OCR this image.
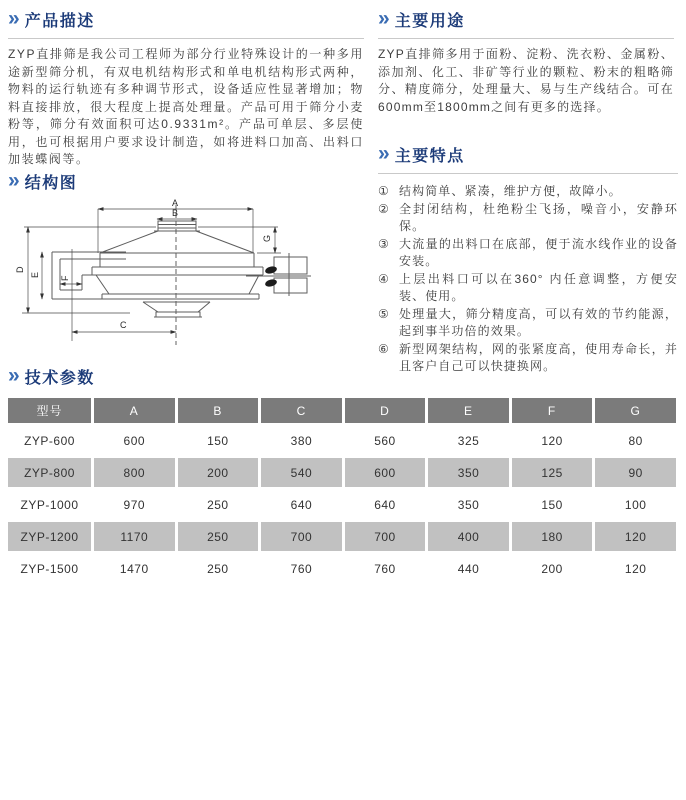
» 产品描述

ZYP直排筛是我公司工程师为部分行业特殊设计的一种多用途新型筛分机，有双电机结构形式和单电机结构形式两种，物料的运行轨迹有多种调节形式，设备适应性显著增加；物料直接排放，很大程度上提高处理量。产品可用于筛分小麦粉等，筛分有效面积可达0.9331m²。产品可单层、多层使用，也可根据用户要求设计制造，如将进料口加高、出料口加装蝶阀等。

» 主要用途

ZYP直排筛多用于面粉、淀粉、洗衣粉、金属粉、添加剂、化工、非矿等行业的颗粒、粉末的粗略筛分、精度筛分，处理量大、易与生产线结合。可在600mm至1800mm之间有更多的选择。

» 主要特点
① 结构简单、紧凑，维护方便，故障小。
② 全封闭结构，杜绝粉尘飞扬，噪音小，安静环保。
③ 大流量的出料口在底部，便于流水线作业的设备安装。
④ 上层出料口可以在360° 内任意调整，方便安装、使用。
⑤ 处理量大，筛分精度高，可以有效的节约能源，起到事半功倍的效果。
⑥ 新型网架结构，网的张紧度高，使用寿命长，并且客户自己可以快捷换网。
» 结构图
A
B
D
E
F
G
C
» 技术参数
型号	A	B	C	D	E	F	G
ZYP-600	600	150	380	560	325	120	80
ZYP-800	800	200	540	600	350	125	90
ZYP-1000	970	250	640	640	350	150	100
ZYP-1200	1170	250	700	700	400	180	120
ZYP-1500	1470	250	760	760	440	200	120
